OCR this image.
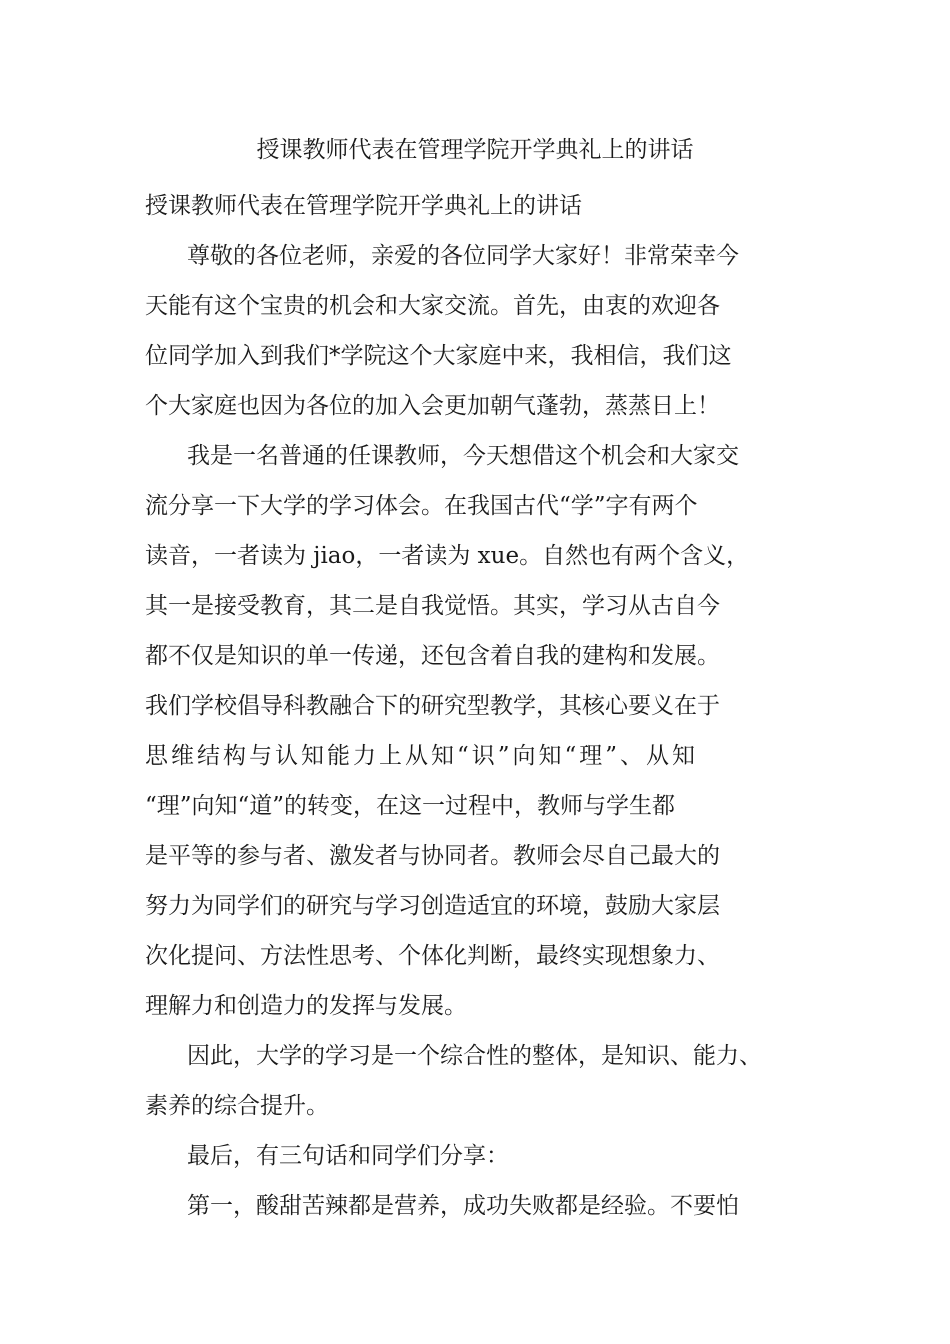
授课教师代表在管理学院开学典礼上的讲话

授课教师代表在管理学院开学典礼上的讲话

尊敬的各位老师，亲爱的各位同学大家好！非常荣幸今
天能有这个宝贵的机会和大家交流。首先，由衷的欢迎各
位同学加入到我们*学院这个大家庭中来，我相信，我们这
个大家庭也因为各位的加入会更加朝气蓬勃，蒸蒸日上！

我是一名普通的任课教师，今天想借这个机会和大家交
流分享一下大学的学习体会。在我国古代“学”字有两个
读音，一者读为 jiao，一者读为 xue。自然也有两个含义，
其一是接受教育，其二是自我觉悟。其实，学习从古自今
都不仅是知识的单一传递，还包含着自我的建构和发展。
我们学校倡导科教融合下的研究型教学，其核心要义在于
思维结构与认知能力上从知“识”向知“理”、从知
“理”向知“道”的转变，在这一过程中，教师与学生都
是平等的参与者、激发者与协同者。教师会尽自己最大的
努力为同学们的研究与学习创造适宜的环境，鼓励大家层
次化提问、方法性思考、个体化判断，最终实现想象力、
理解力和创造力的发挥与发展。

因此，大学的学习是一个综合性的整体，是知识、能力、
素养的综合提升。

最后，有三句话和同学们分享：

第一，酸甜苦辣都是营养，成功失败都是经验。不要怕
